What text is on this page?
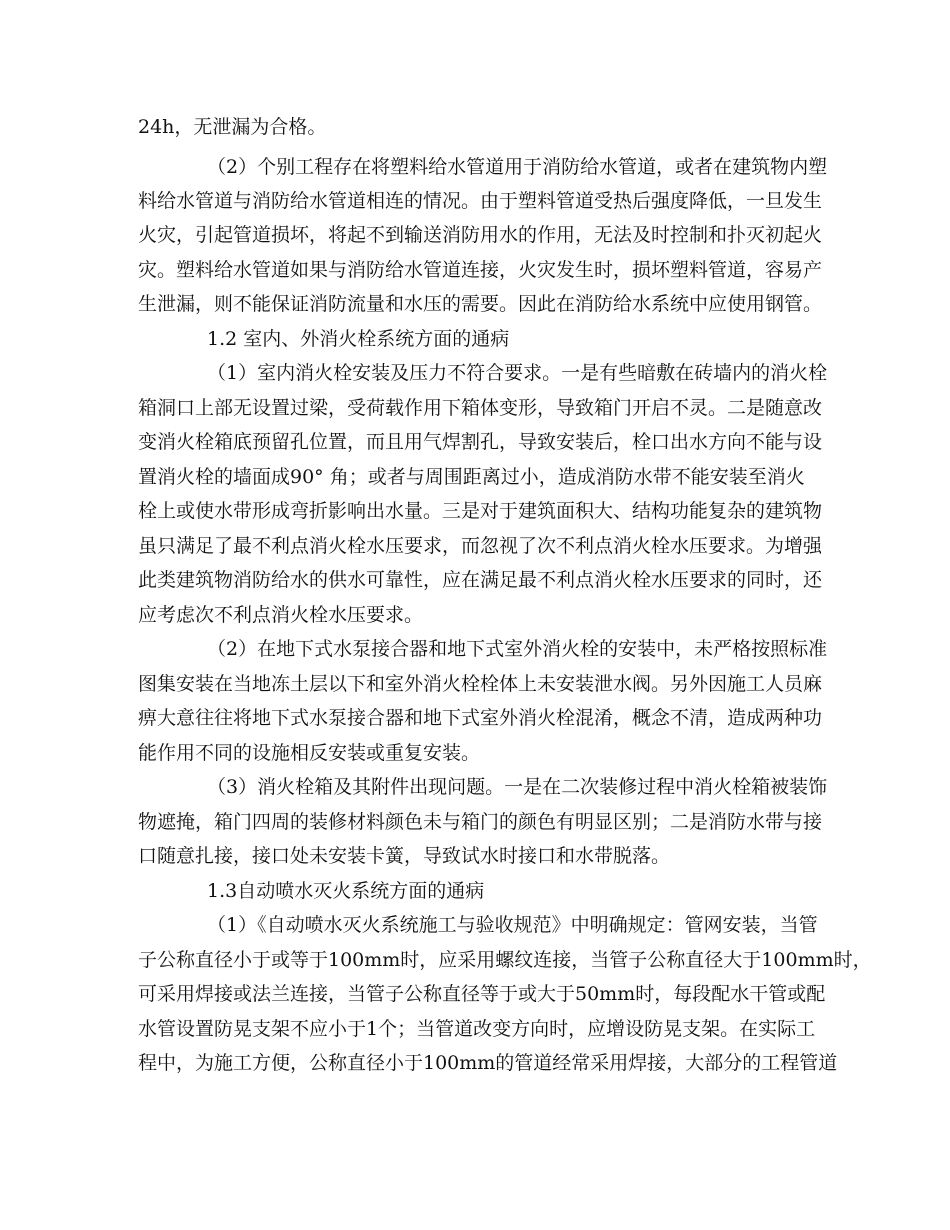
24h，无泄漏为合格。
（2）个别工程存在将塑料给水管道用于消防给水管道，或者在建筑物内塑
料给水管道与消防给水管道相连的情况。由于塑料管道受热后强度降低，一旦发生
火灾，引起管道损坏，将起不到输送消防用水的作用，无法及时控制和扑灭初起火
灾。塑料给水管道如果与消防给水管道连接，火灾发生时，损坏塑料管道，容易产
生泄漏，则不能保证消防流量和水压的需要。因此在消防给水系统中应使用钢管。
1.2 室内、外消火栓系统方面的通病
（1）室内消火栓安装及压力不符合要求。一是有些暗敷在砖墙内的消火栓
箱洞口上部无设置过梁，受荷载作用下箱体变形，导致箱门开启不灵。二是随意改
变消火栓箱底预留孔位置，而且用气焊割孔，导致安装后，栓口出水方向不能与设
置消火栓的墙面成90° 角；或者与周围距离过小，造成消防水带不能安装至消火
栓上或使水带形成弯折影响出水量。三是对于建筑面积大、结构功能复杂的建筑物
虽只满足了最不利点消火栓水压要求，而忽视了次不利点消火栓水压要求。为增强
此类建筑物消防给水的供水可靠性，应在满足最不利点消火栓水压要求的同时，还
应考虑次不利点消火栓水压要求。
（2）在地下式水泵接合器和地下式室外消火栓的安装中，未严格按照标准
图集安装在当地冻土层以下和室外消火栓栓体上未安装泄水阀。另外因施工人员麻
痹大意往往将地下式水泵接合器和地下式室外消火栓混淆，概念不清，造成两种功
能作用不同的设施相反安装或重复安装。
（3）消火栓箱及其附件出现问题。一是在二次装修过程中消火栓箱被装饰
物遮掩，箱门四周的装修材料颜色未与箱门的颜色有明显区别；二是消防水带与接
口随意扎接，接口处未安装卡簧，导致试水时接口和水带脱落。
1.3自动喷水灭火系统方面的通病
（1）《自动喷水灭火系统施工与验收规范》中明确规定：管网安装，当管
子公称直径小于或等于100mm时，应采用螺纹连接，当管子公称直径大于100mm时，
可采用焊接或法兰连接，当管子公称直径等于或大于50mm时，每段配水干管或配
水管设置防晃支架不应小于1个；当管道改变方向时，应增设防晃支架。在实际工
程中，为施工方便，公称直径小于100mm的管道经常采用焊接，大部分的工程管道
